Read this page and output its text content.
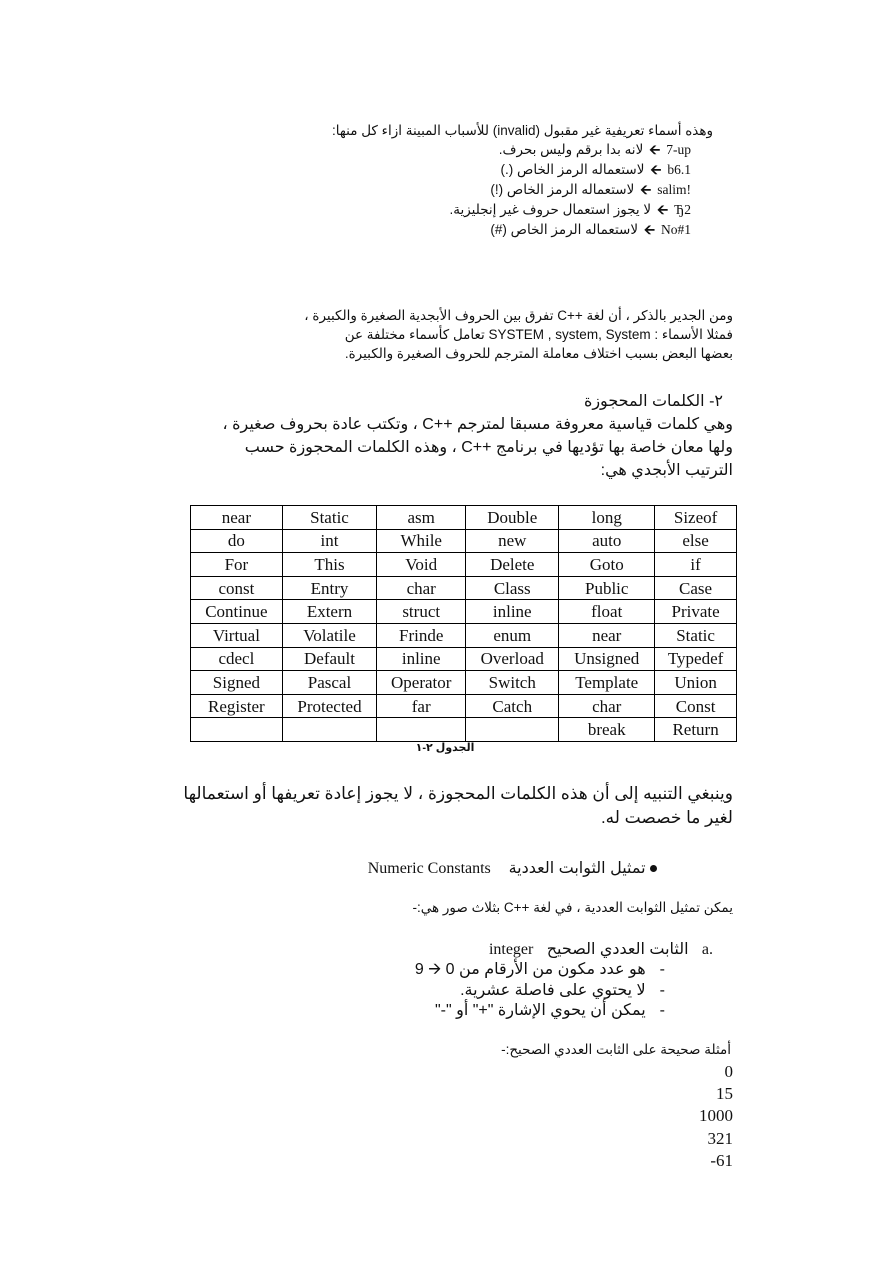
وهذه أسماء تعريفية غير مقبول (invalid) للأسباب المبينة ازاء كل منها:
7-up🡨لانه بدا برقم وليس بحرف.
b6.1🡨لاستعماله الرمز الخاص (.)
salim!🡨لاستعماله الرمز الخاص (!)
Ђ2🡨لا يجوز استعمال حروف غير إنجليزية.
No#1🡨لاستعماله الرمز الخاص (#)
ومن الجدير بالذكر ، أن لغة ++C تفرق بين الحروف الأبجدية الصغيرة والكبيرة ،
فمثلا الأسماء : SYSTEM , system, System تعامل كأسماء مختلفة عن
بعضها البعض بسبب اختلاف معاملة المترجم للحروف الصغيرة والكبيرة.
٢- الكلمات المحجوزة
وهي كلمات قياسية معروفة مسبقا لمترجم ++C ، وتكتب عادة بحروف صغيرة ،
ولها معان خاصة بها تؤديها في برنامج ++C ، وهذه الكلمات المحجوزة حسب
الترتيب الأبجدي هي:
near	Static	asm	Double	long	Sizeof
do	int	While	new	auto	else
For	This	Void	Delete	Goto	if
const	Entry	char	Class	Public	Case
Continue	Extern	struct	inline	float	Private
Virtual	Volatile	Frinde	enum	near	Static
cdecl	Default	inline	Overload	Unsigned	Typedef
Signed	Pascal	Operator	Switch	Template	Union
Register	Protected	far	Catch	char	Const
				break	Return
الجدول ٢-١
وينبغي التنبيه إلى أن هذه الكلمات المحجوزة ، لا يجوز إعادة تعريفها أو استعمالها
لغير ما خصصت له.
تمثيل الثوابت العددية    Numeric Constants
يمكن تمثيل الثوابت العددية ، في لغة ++C بثلاث صور هي:-
a.   الثابت العددي الصحيح   integer
-هو عدد مكون من الأرقام من 0 🡪 9
-لا يحتوي على فاصلة عشرية.
-يمكن أن يحوي الإشارة "+" أو "-"
أمثلة صحيحة على الثابت العددي الصحيح:-
0
15
1000
321
-61
